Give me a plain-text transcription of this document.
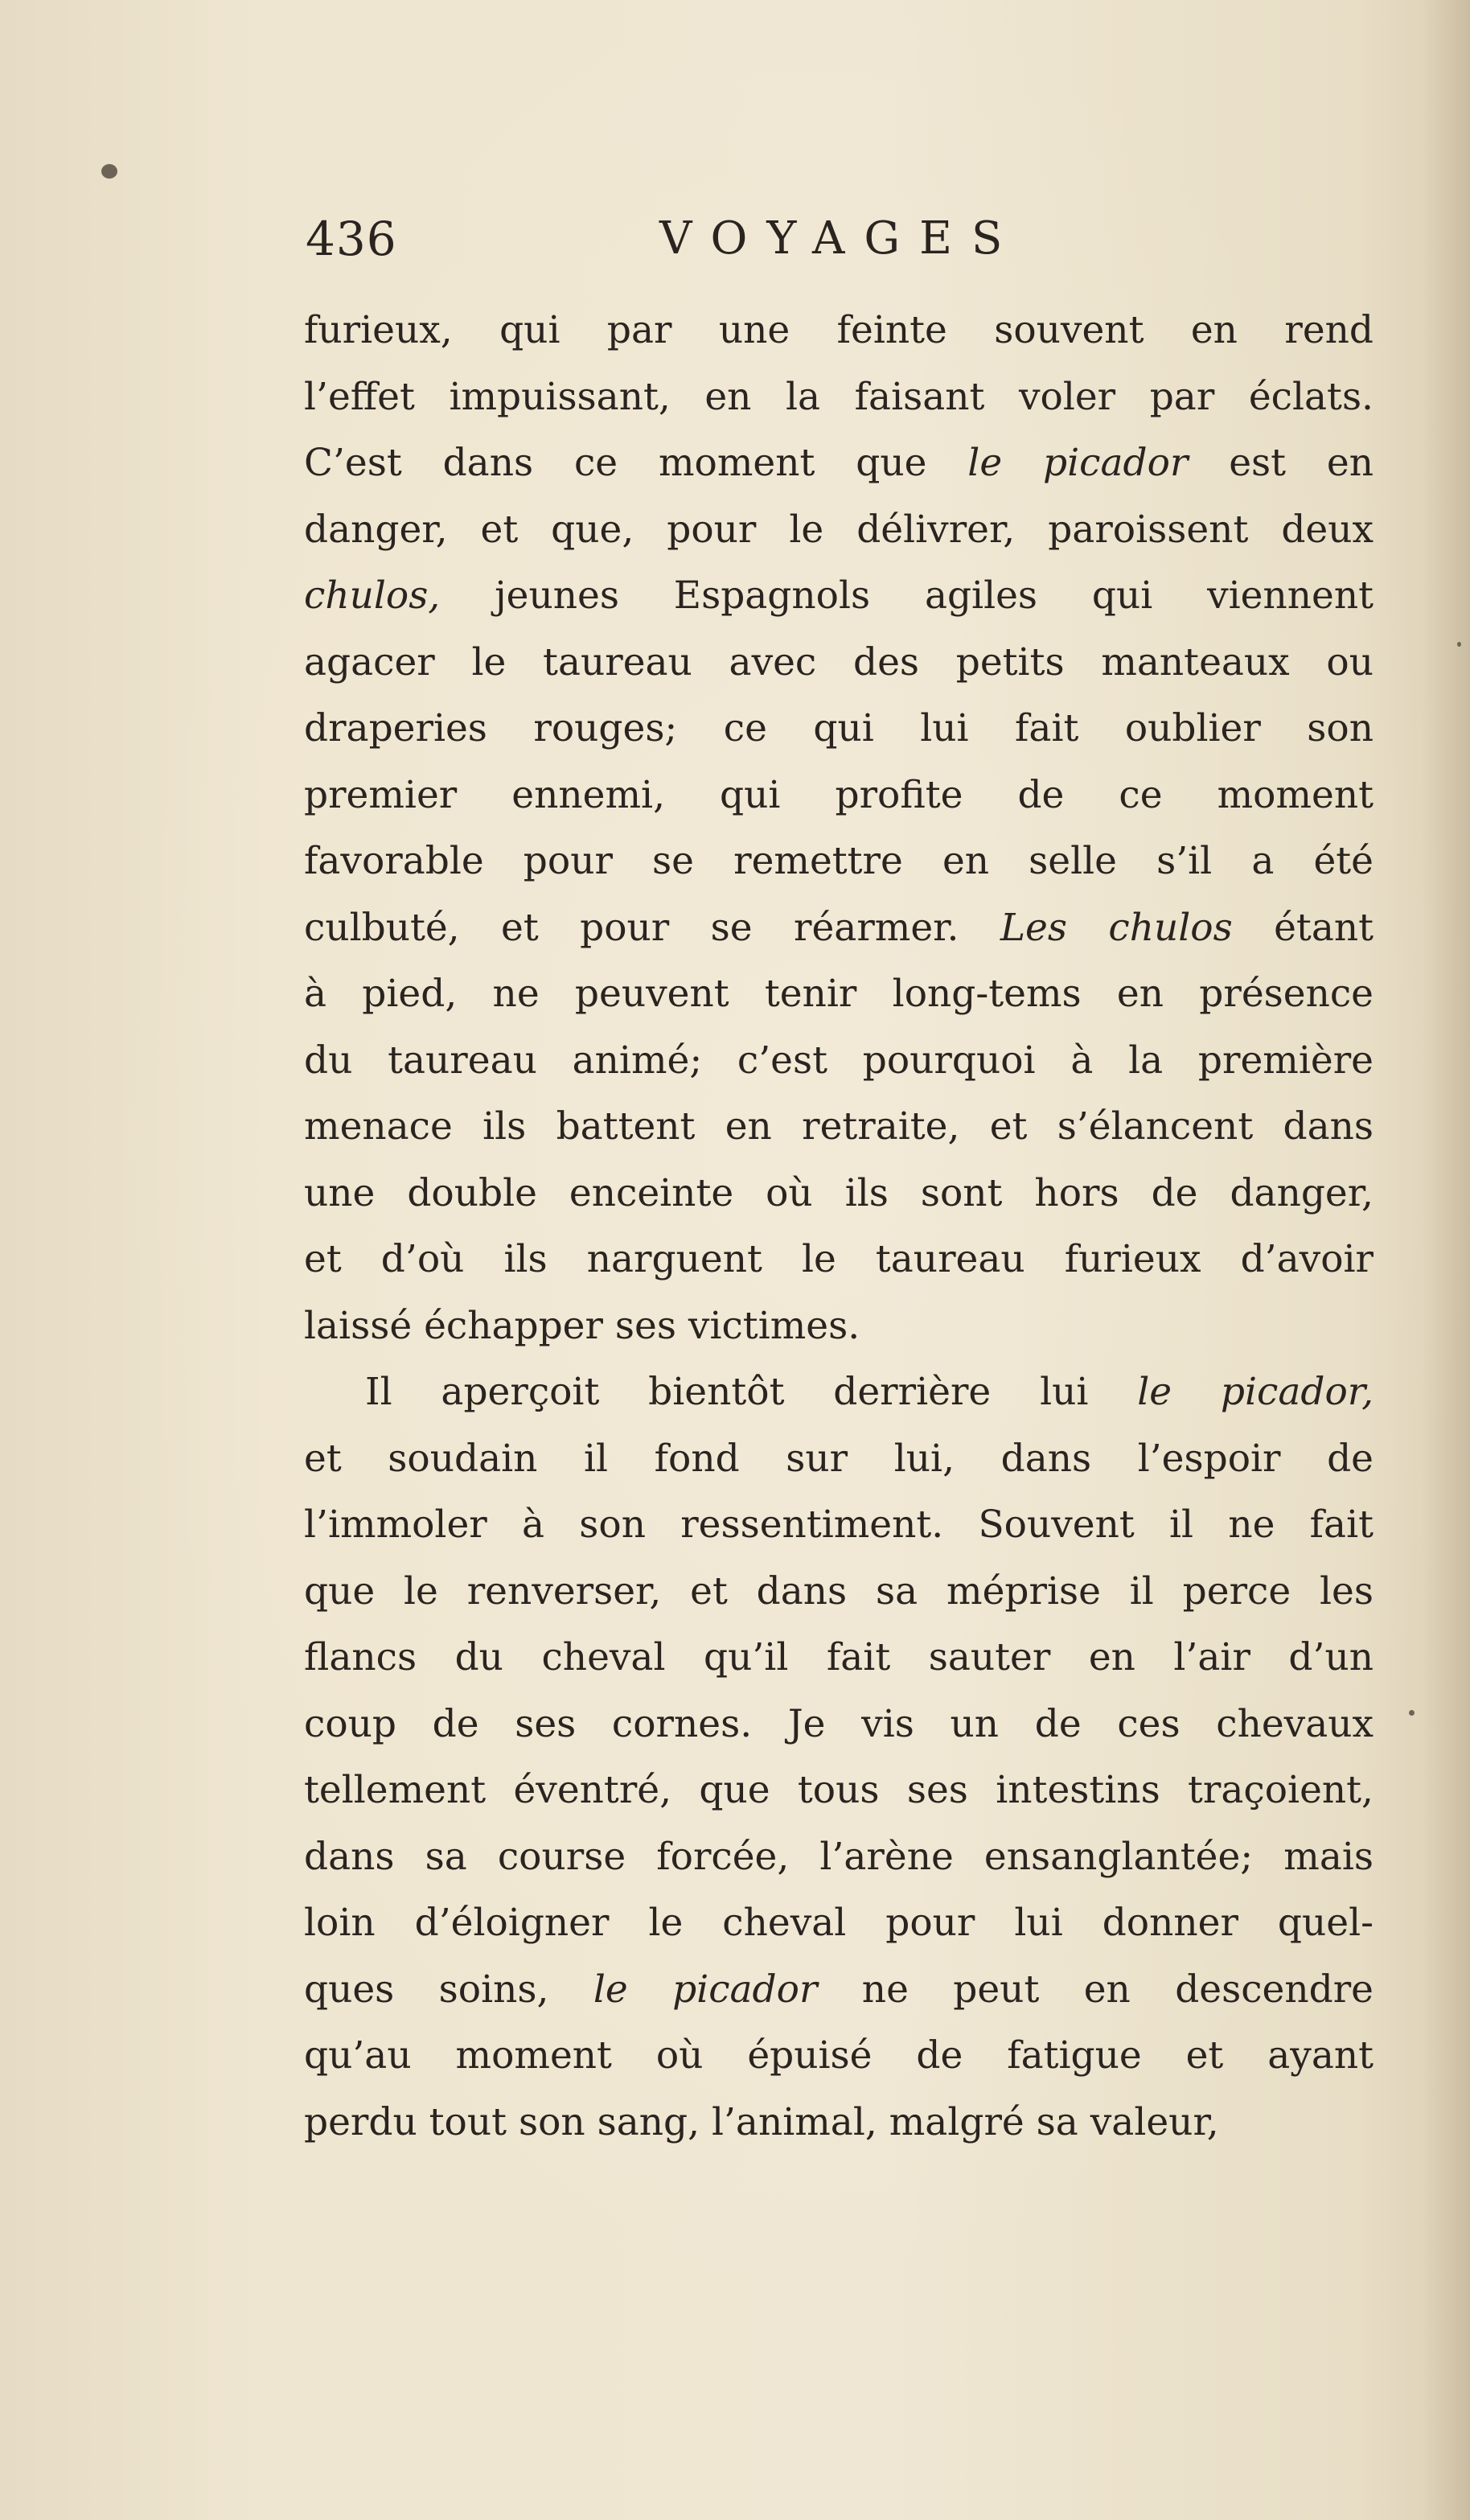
436	VOYAGES
furieux, qui par une feinte souvent en rend
l’effet impuissant, en la faisant voler par éclats.
C’est dans ce moment que le picador est en
danger, et que, pour le délivrer, paroissent deux
chulos, jeunes Espagnols agiles qui viennent
agacer le taureau avec des petits manteaux ou
draperies rouges; ce qui lui fait oublier son
premier ennemi, qui profite de ce moment
favorable pour se remettre en selle s’il a été
culbuté, et pour se réarmer. Les chulos étant
à pied, ne peuvent tenir long-tems en présence
du taureau animé; c’est pourquoi à la première
menace ils battent en retraite, et s’élancent dans
une double enceinte où ils sont hors de danger,
et d’où ils narguent le taureau furieux d’avoir
laissé échapper ses victimes.
Il aperçoit bientôt derrière lui le picador,
et soudain il fond sur lui, dans l’espoir de
l’immoler à son ressentiment. Souvent il ne fait
que le renverser, et dans sa méprise il perce les
flancs du cheval qu’il fait sauter en l’air d’un
coup de ses cornes. Je vis un de ces chevaux
tellement éventré, que tous ses intestins traçoient,
dans sa course forcée, l’arène ensanglantée; mais
loin d’éloigner le cheval pour lui donner quel-
ques soins, le picador ne peut en descendre
qu’au moment où épuisé de fatigue et ayant
perdu tout son sang, l’animal, malgré sa valeur,
